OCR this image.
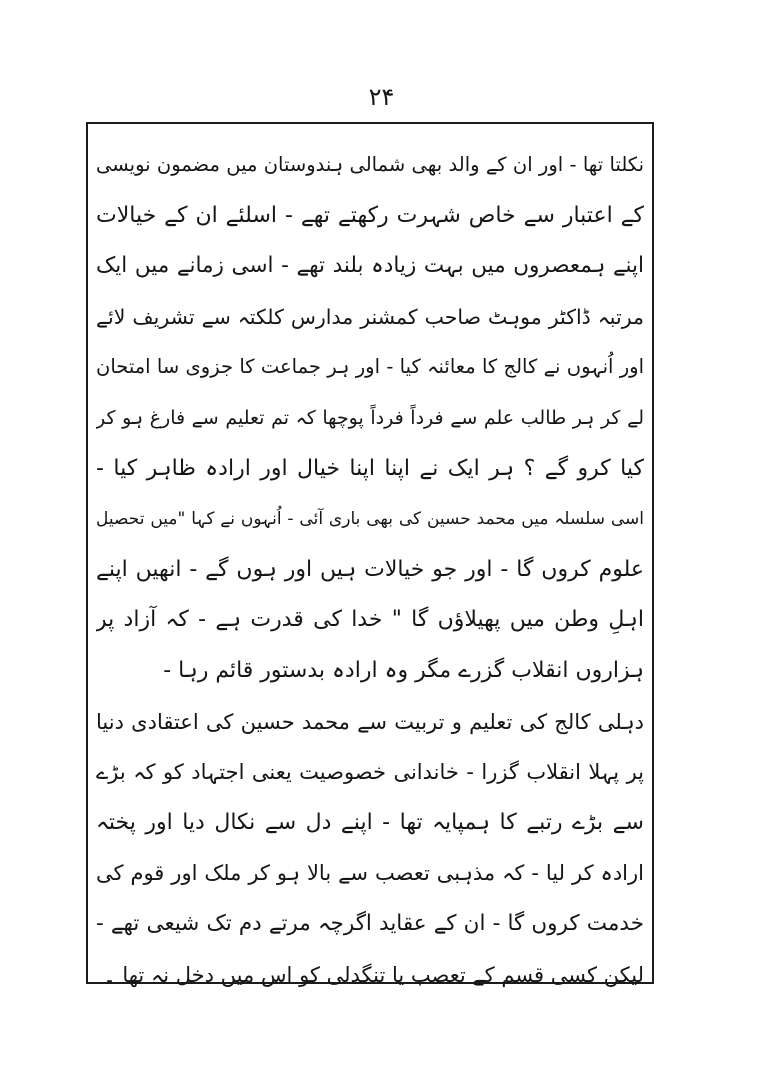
۲۴
نکلتا تھا - اور ان کے والد بھی شمالی ہندوستان میں مضمون نویسی
کے اعتبار سے خاص شہرت رکھتے تھے - اسلئے ان کے خیالات
اپنے ہمعصروں میں بہت زیادہ بلند تھے - اسی زمانے میں ایک
مرتبہ ڈاکٹر موہٹ صاحب کمشنر مدارس کلکتہ سے تشریف لائے
اور اُنہوں نے کالج کا معائنہ کیا - اور ہر جماعت کا جزوی سا امتحان
لے کر ہر طالب علم سے فرداً فرداً پوچھا کہ تم تعلیم سے فارغ ہو کر
کیا کرو گے ؟ ہر ایک نے اپنا اپنا خیال اور ارادہ ظاہر کیا -
اسی سلسلہ میں محمد حسین کی بھی باری آئی - اُنہوں نے کہا "میں تحصیل
علوم کروں گا - اور جو خیالات ہیں اور ہوں گے - انھیں اپنے
اہلِ وطن میں پھیلاؤں گا " خدا کی قدرت ہے - کہ آزاد پر
ہزاروں انقلاب گزرے مگر وہ ارادہ بدستور قائم رہا -
دہلی کالج کی تعلیم و تربیت سے محمد حسین کی اعتقادی دنیا
پر پہلا انقلاب گزرا - خاندانی خصوصیت یعنی اجتہاد کو کہ بڑے
سے بڑے رتبے کا ہمپایہ تھا - اپنے دل سے نکال دیا اور پختہ
ارادہ کر لیا - کہ مذہبی تعصب سے بالا ہو کر ملک اور قوم کی
خدمت کروں گا - ان کے عقاید اگرچہ مرتے دم تک شیعی تھے -
لیکن کسی قسم کے تعصب یا تنگدلی کو اس میں دخل نہ تھا ۔
